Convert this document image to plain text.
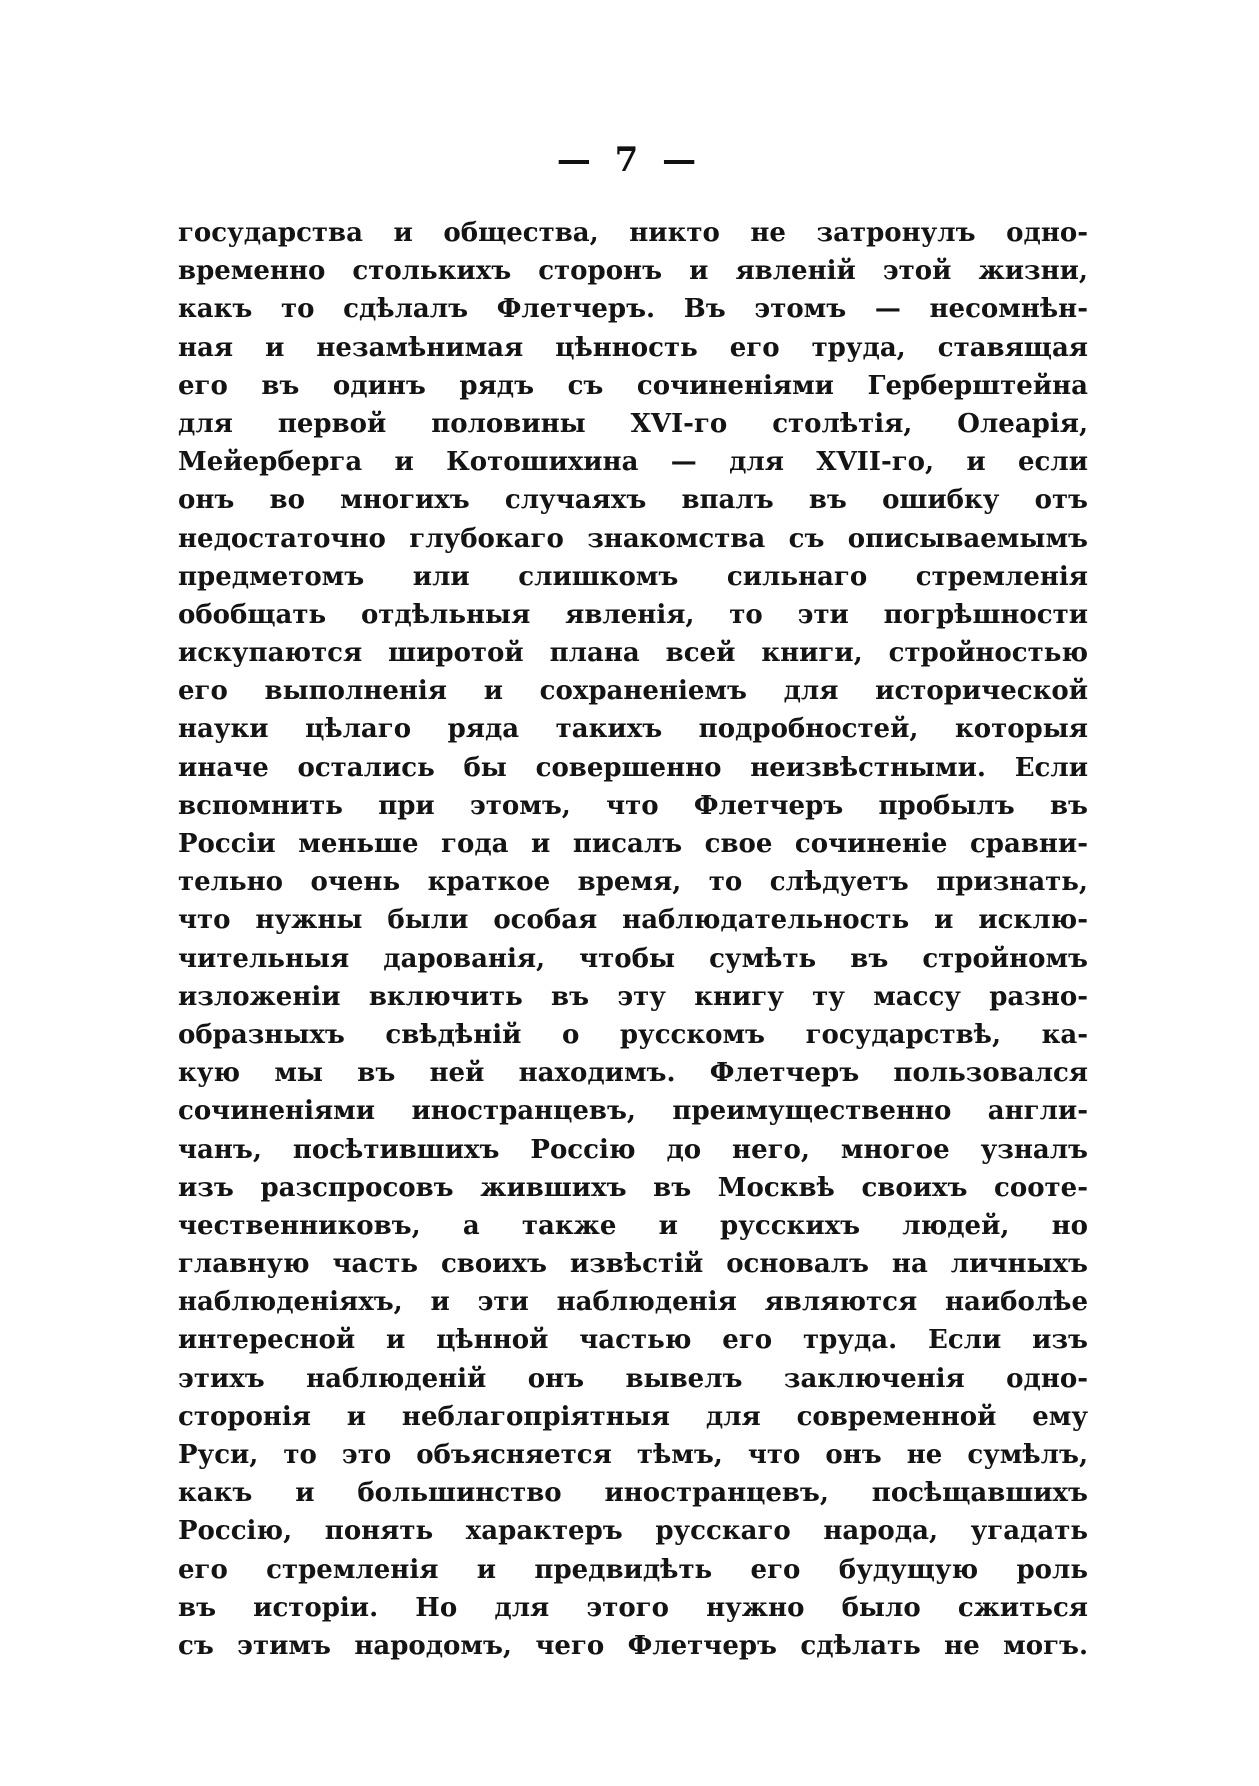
— 7 —
государства и общества, никто не затронулъ одно-
временно столькихъ сторонъ и явленій этой жизни,
какъ то сдѣлалъ Флетчеръ. Въ этомъ — несомнѣн-
ная и незамѣнимая цѣнность его труда, ставящая
его въ одинъ рядъ съ сочиненіями Герберштейна
для первой половины XVI-го столѣтія, Олеарія,
Мейерберга и Котошихина — для XVII-го, и если
онъ во многихъ случаяхъ впалъ въ ошибку отъ
недостаточно глубокаго знакомства съ описываемымъ
предметомъ или слишкомъ сильнаго стремленія
обобщать отдѣльныя явленія, то эти погрѣшности
искупаются широтой плана всей книги, стройностью
его выполненія и сохраненіемъ для исторической
науки цѣлаго ряда такихъ подробностей, которыя
иначе остались бы совершенно неизвѣстными. Если
вспомнить при этомъ, что Флетчеръ пробылъ въ
Россіи меньше года и писалъ свое сочиненіе сравни-
тельно очень краткое время, то слѣдуетъ признать,
что нужны были особая наблюдательность и исклю-
чительныя дарованія, чтобы сумѣть въ стройномъ
изложеніи включить въ эту книгу ту массу разно-
образныхъ свѣдѣній о русскомъ государствѣ, ка-
кую мы въ ней находимъ. Флетчеръ пользовался
сочиненіями иностранцевъ, преимущественно англи-
чанъ, посѣтившихъ Россію до него, многое узналъ
изъ разспросовъ жившихъ въ Москвѣ своихъ сооте-
чественниковъ, а также и русскихъ людей, но
главную часть своихъ извѣстій основалъ на личныхъ
наблюденіяхъ, и эти наблюденія являются наиболѣе
интересной и цѣнной частью его труда. Если изъ
этихъ наблюденій онъ вывелъ заключенія одно-
сторонія и неблагопріятныя для современной ему
Руси, то это объясняется тѣмъ, что онъ не сумѣлъ,
какъ и большинство иностранцевъ, посѣщавшихъ
Россію, понять характеръ русскаго народа, угадать
его стремленія и предвидѣть его будущую роль
въ исторіи. Но для этого нужно было сжиться
съ этимъ народомъ, чего Флетчеръ сдѣлать не могъ.
